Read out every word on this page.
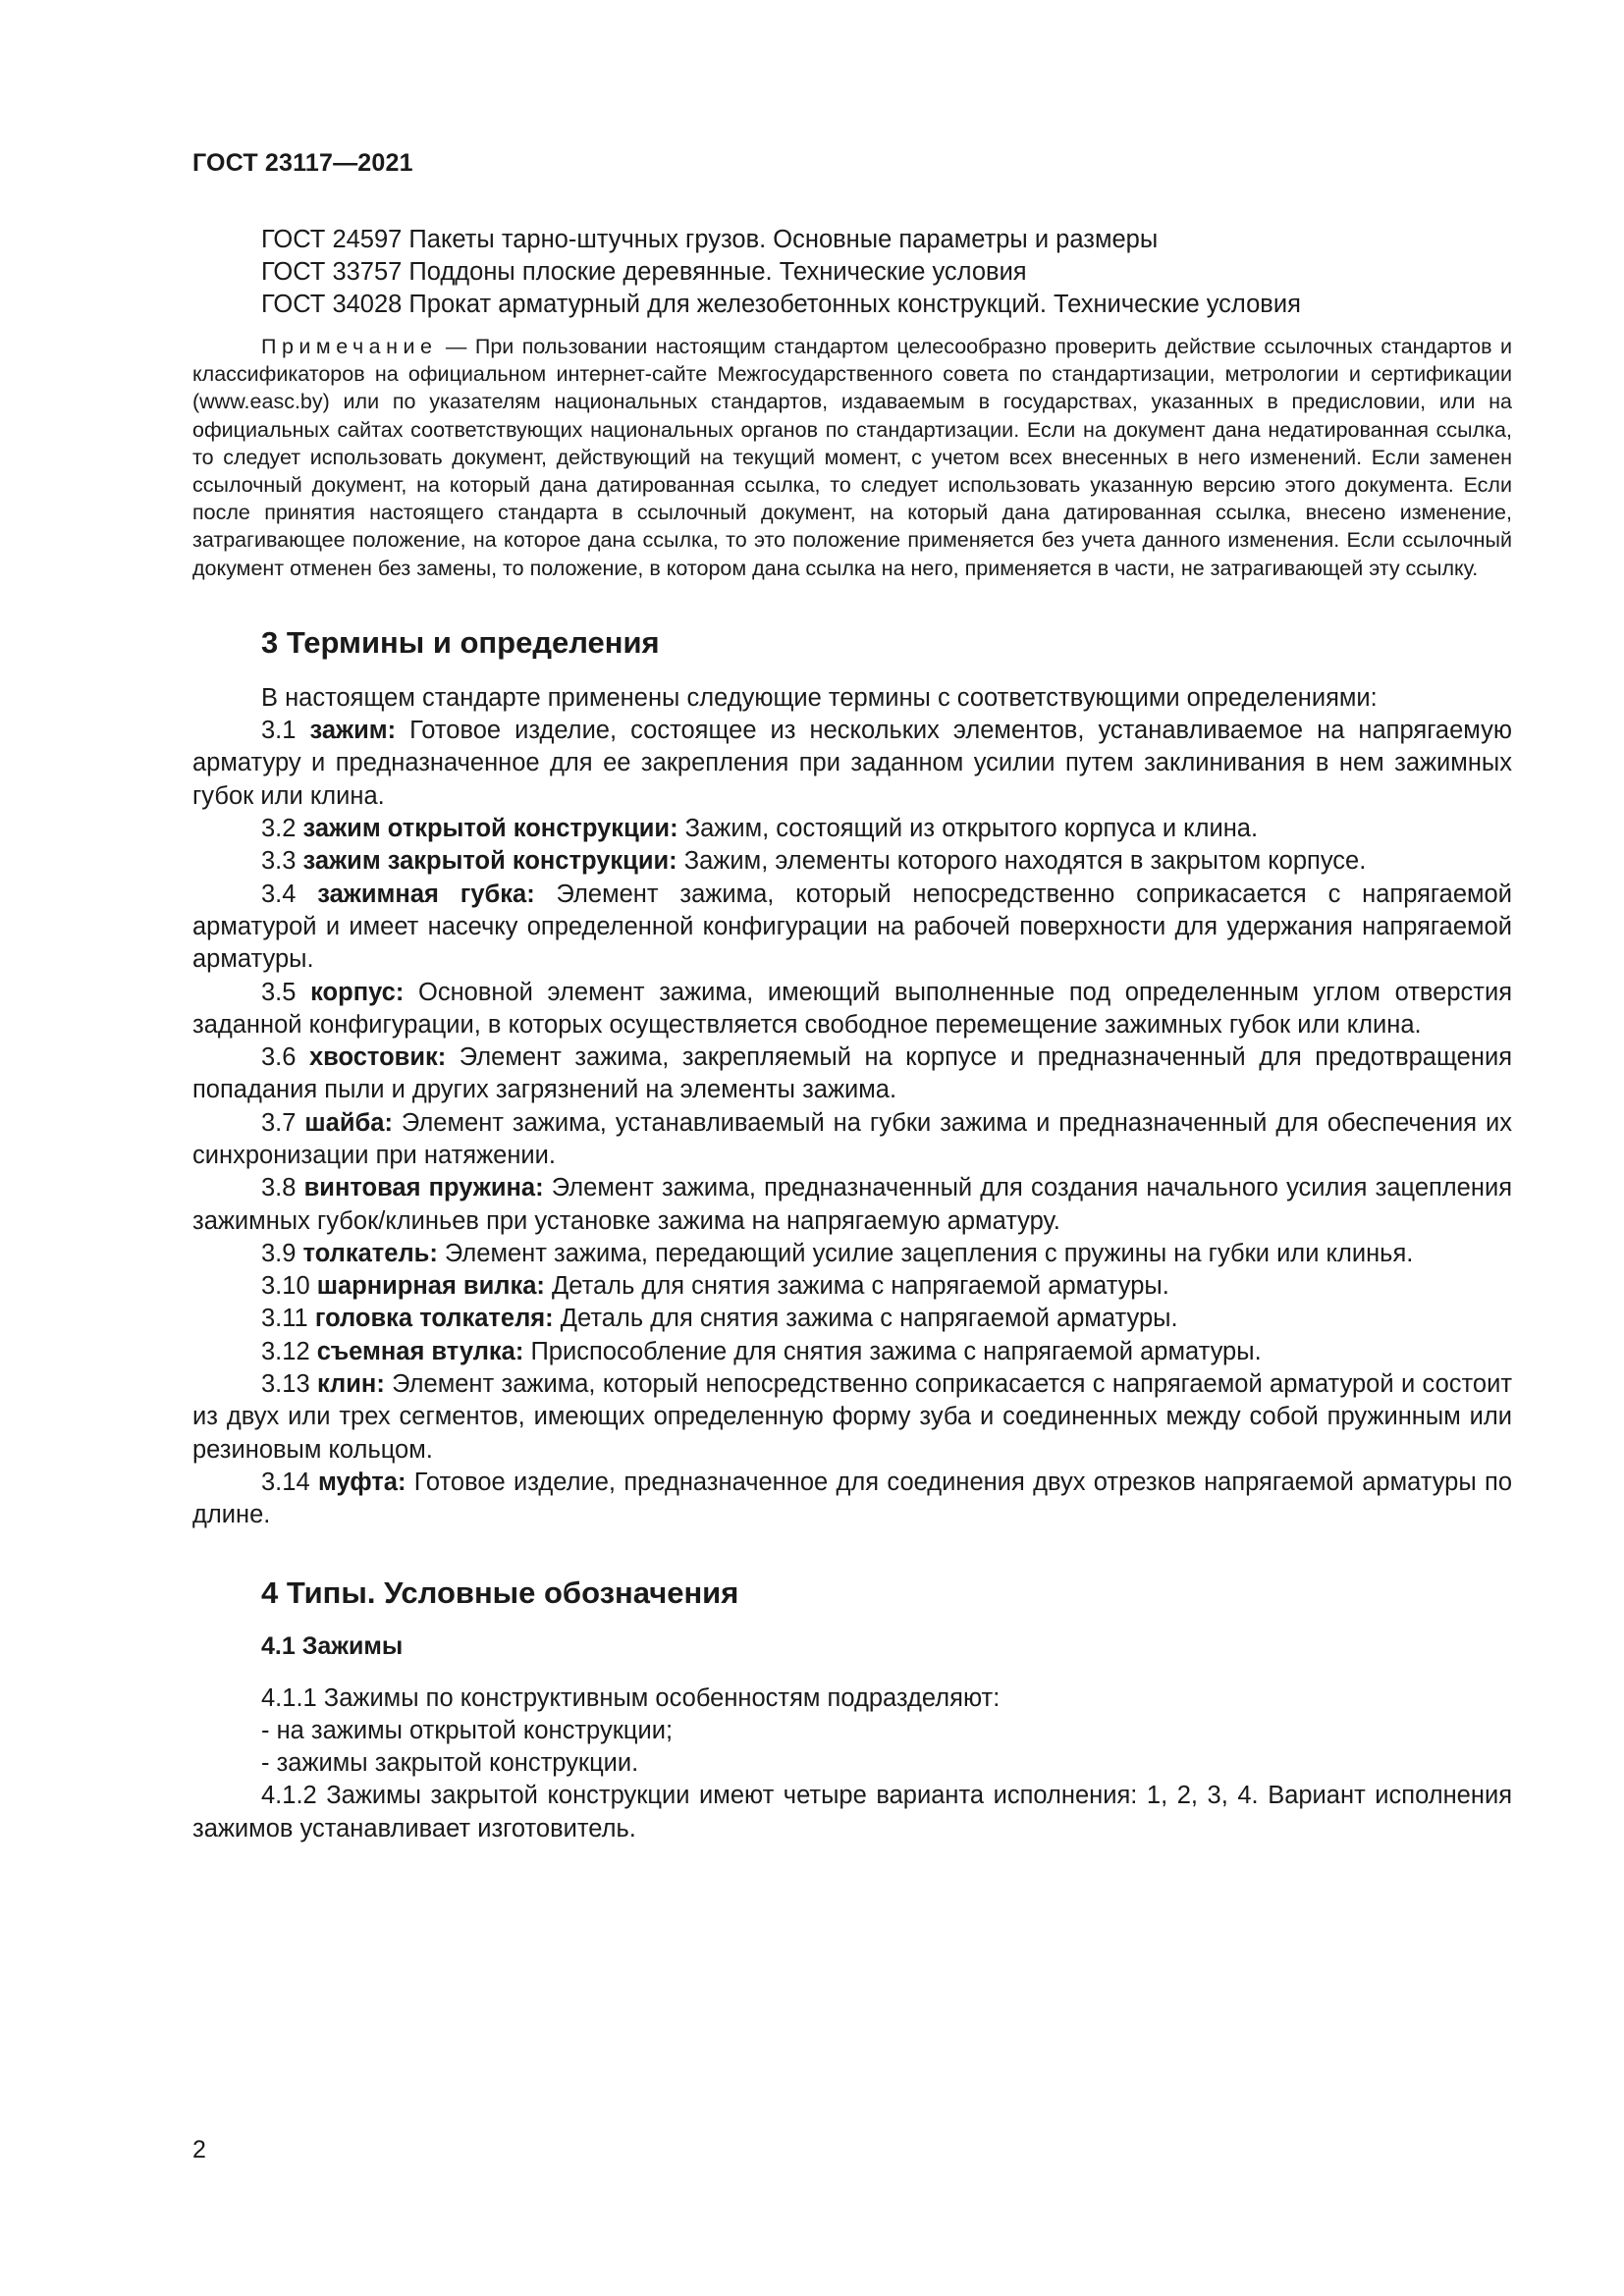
ГОСТ 23117—2021
ГОСТ 24597 Пакеты тарно-штучных грузов. Основные параметры и размеры
ГОСТ 33757 Поддоны плоские деревянные. Технические условия
ГОСТ 34028 Прокат арматурный для железобетонных конструкций. Технические условия

Примечание — При пользовании настоящим стандартом целесообразно проверить действие ссылочных стандартов и классификаторов на официальном интернет-сайте Межгосударственного совета по стандартизации, метрологии и сертификации (www.easc.by) или по указателям национальных стандартов, издаваемым в государствах, указанных в предисловии, или на официальных сайтах соответствующих национальных органов по стандартизации. Если на документ дана недатированная ссылка, то следует использовать документ, действующий на текущий момент, с учетом всех внесенных в него изменений. Если заменен ссылочный документ, на который дана датированная ссылка, то следует использовать указанную версию этого документа. Если после принятия настоящего стандарта в ссылочный документ, на который дана датированная ссылка, внесено изменение, затрагивающее положение, на которое дана ссылка, то это положение применяется без учета данного изменения. Если ссылочный документ отменен без замены, то положение, в котором дана ссылка на него, применяется в части, не затрагивающей эту ссылку.

3 Термины и определения

В настоящем стандарте применены следующие термины с соответствующими определениями:

3.1 зажим: Готовое изделие, состоящее из нескольких элементов, устанавливаемое на напрягаемую арматуру и предназначенное для ее закрепления при заданном усилии путем заклинивания в нем зажимных губок или клина.

3.2 зажим открытой конструкции: Зажим, состоящий из открытого корпуса и клина.

3.3 зажим закрытой конструкции: Зажим, элементы которого находятся в закрытом корпусе.

3.4 зажимная губка: Элемент зажима, который непосредственно соприкасается с напрягаемой арматурой и имеет насечку определенной конфигурации на рабочей поверхности для удержания напрягаемой арматуры.

3.5 корпус: Основной элемент зажима, имеющий выполненные под определенным углом отверстия заданной конфигурации, в которых осуществляется свободное перемещение зажимных губок или клина.

3.6 хвостовик: Элемент зажима, закрепляемый на корпусе и предназначенный для предотвращения попадания пыли и других загрязнений на элементы зажима.

3.7 шайба: Элемент зажима, устанавливаемый на губки зажима и предназначенный для обеспечения их синхронизации при натяжении.

3.8 винтовая пружина: Элемент зажима, предназначенный для создания начального усилия зацепления зажимных губок/клиньев при установке зажима на напрягаемую арматуру.

3.9 толкатель: Элемент зажима, передающий усилие зацепления с пружины на губки или клинья.

3.10 шарнирная вилка: Деталь для снятия зажима с напрягаемой арматуры.

3.11 головка толкателя: Деталь для снятия зажима с напрягаемой арматуры.

3.12 съемная втулка: Приспособление для снятия зажима с напрягаемой арматуры.

3.13 клин: Элемент зажима, который непосредственно соприкасается с напрягаемой арматурой и состоит из двух или трех сегментов, имеющих определенную форму зуба и соединенных между собой пружинным или резиновым кольцом.

3.14 муфта: Готовое изделие, предназначенное для соединения двух отрезков напрягаемой арматуры по длине.

4 Типы. Условные обозначения
4.1 Зажимы

4.1.1 Зажимы по конструктивным особенностям подразделяют:

- на зажимы открытой конструкции;
- зажимы закрытой конструкции.

4.1.2 Зажимы закрытой конструкции имеют четыре варианта исполнения: 1, 2, 3, 4. Вариант исполнения зажимов устанавливает изготовитель.

2
